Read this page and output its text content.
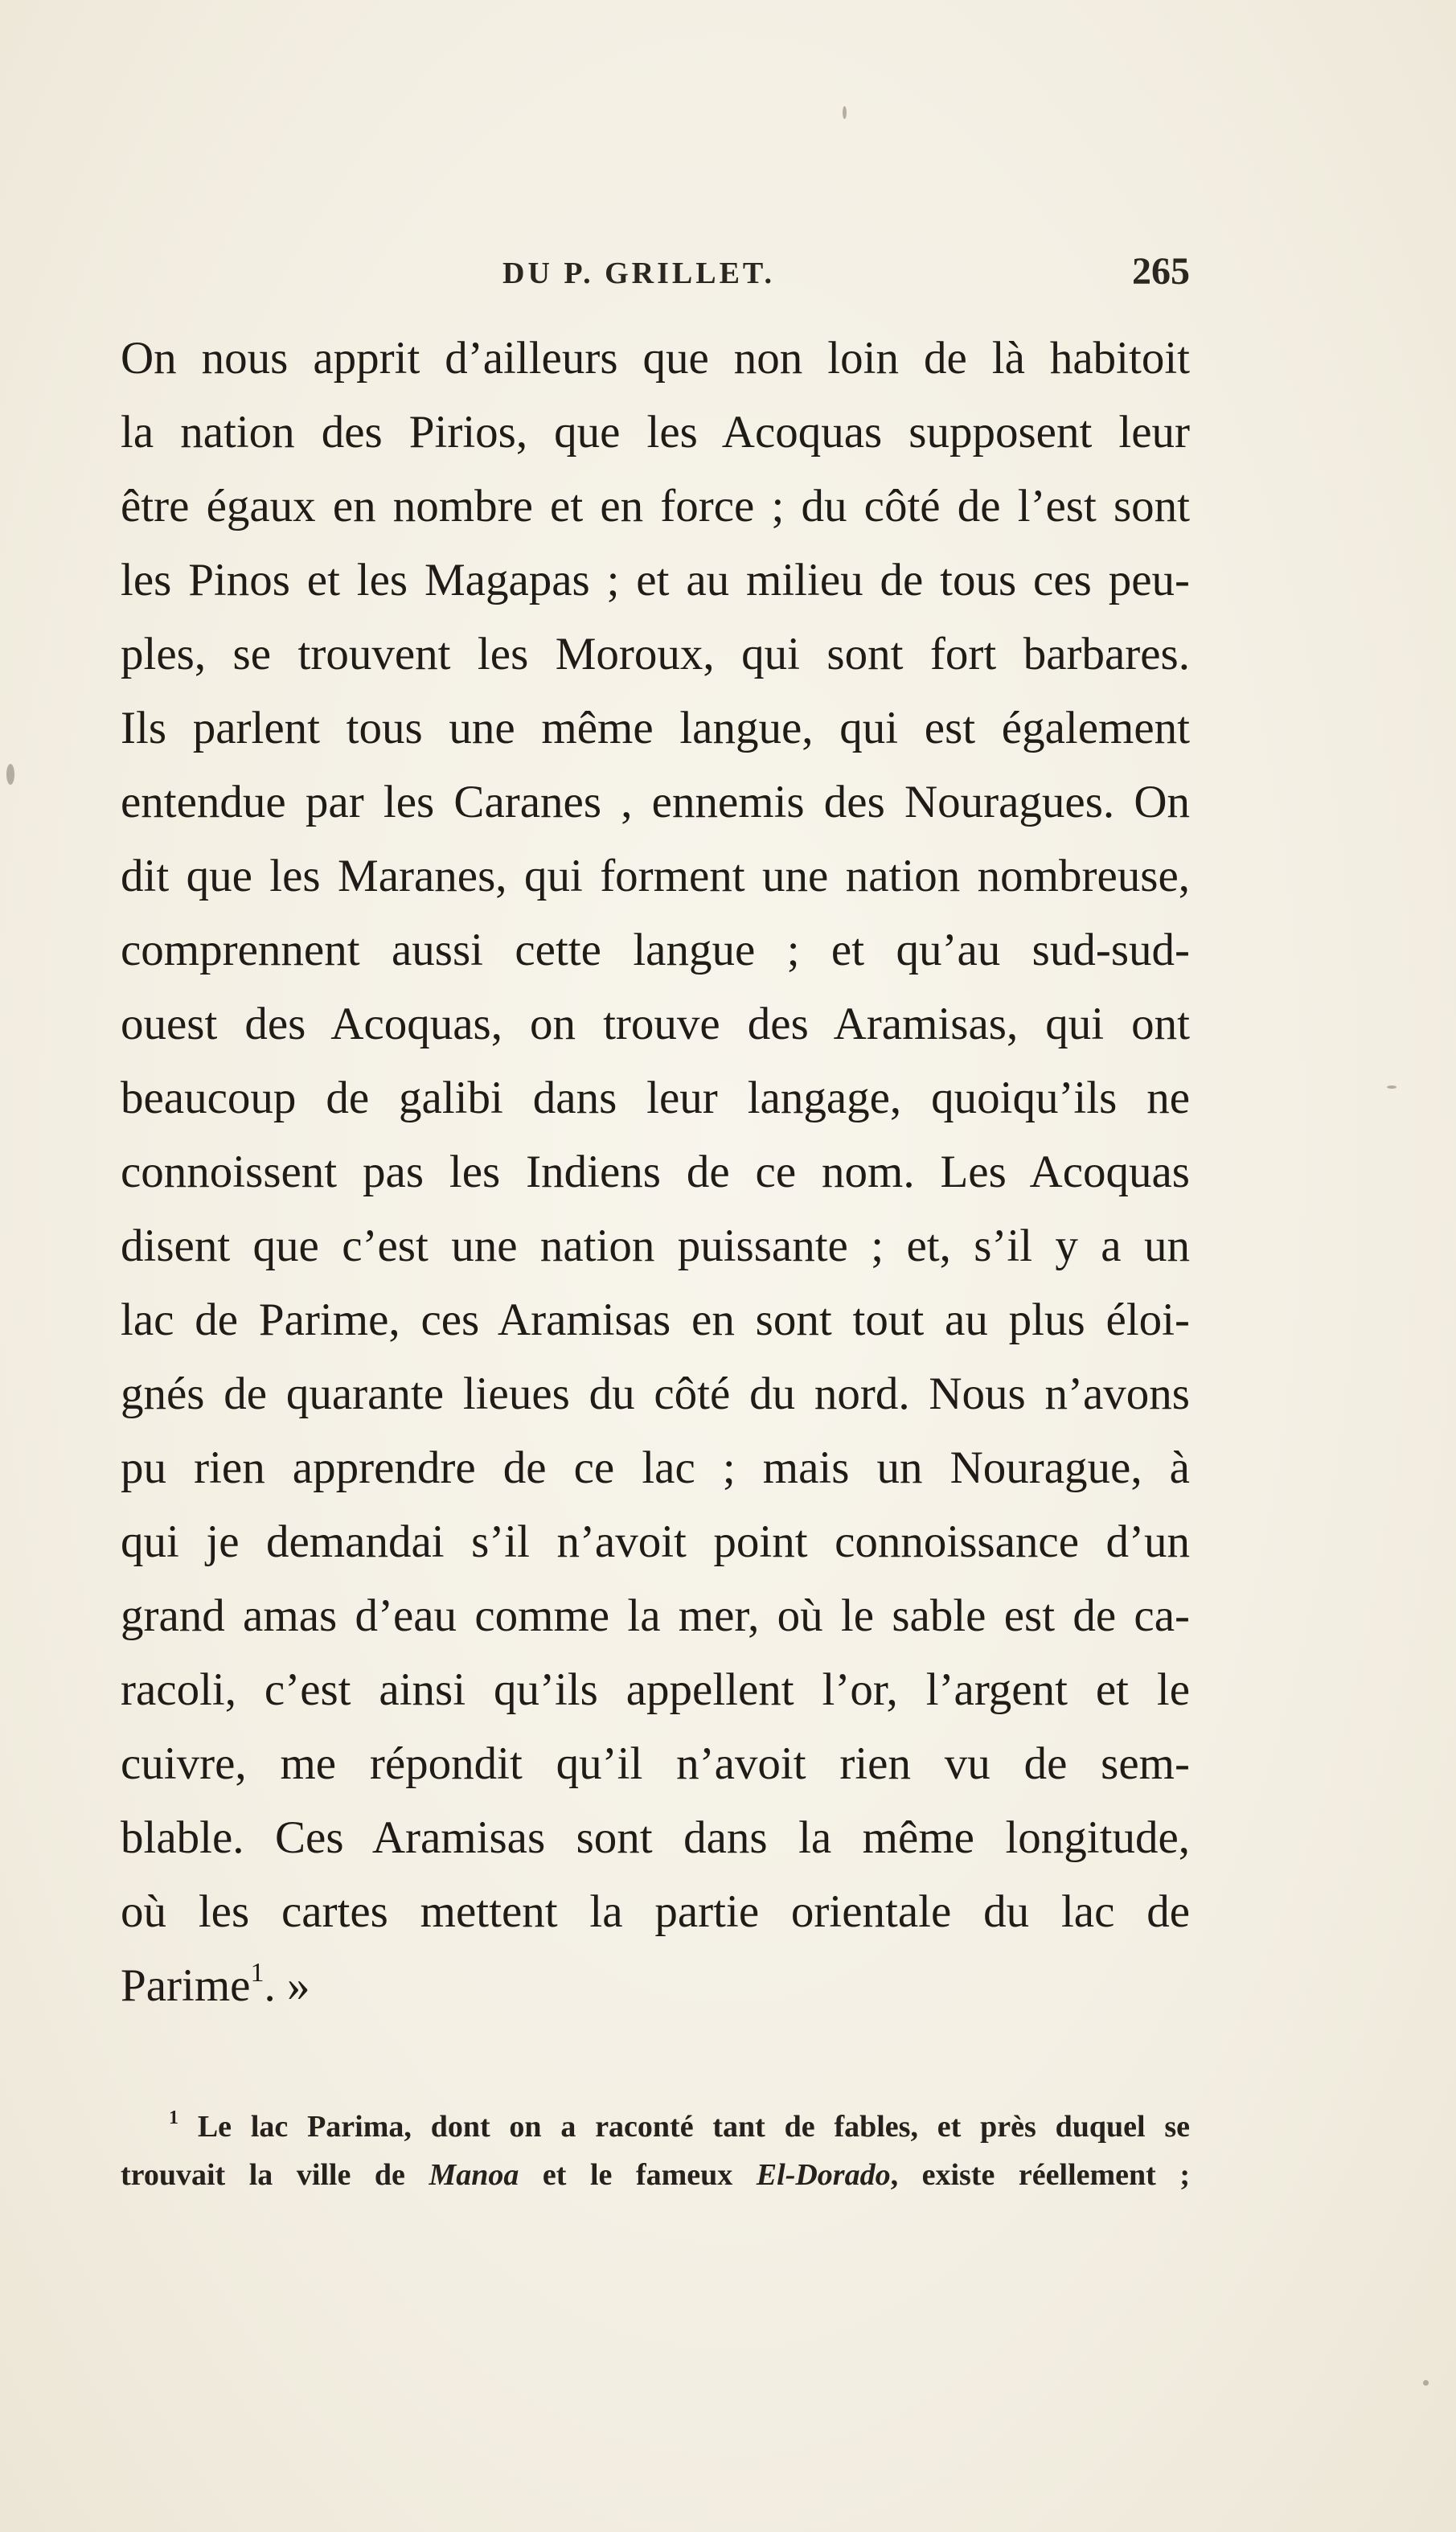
DU P. GRILLET.	265
On nous apprit d’ailleurs que non loin de là habitoit
la nation des Pirios, que les Acoquas supposent leur
être égaux en nombre et en force ; du côté de l’est sont
les Pinos et les Magapas ; et au milieu de tous ces peu-
ples, se trouvent les Moroux, qui sont fort barbares.
Ils parlent tous une même langue, qui est également
entendue par les Caranes , ennemis des Nouragues. On
dit que les Maranes, qui forment une nation nombreuse,
comprennent aussi cette langue ; et qu’au sud-sud-
ouest des Acoquas, on trouve des Aramisas, qui ont
beaucoup de galibi dans leur langage, quoiqu’ils ne
connoissent pas les Indiens de ce nom. Les Acoquas
disent que c’est une nation puissante ; et, s’il y a un
lac de Parime, ces Aramisas en sont tout au plus éloi-
gnés de quarante lieues du côté du nord. Nous n’avons
pu rien apprendre de ce lac ; mais un Nourague, à
qui je demandai s’il n’avoit point connoissance d’un
grand amas d’eau comme la mer, où le sable est de ca-
racoli, c’est ainsi qu’ils appellent l’or, l’argent et le
cuivre, me répondit qu’il n’avoit rien vu de sem-
blable. Ces Aramisas sont dans la même longitude,
où les cartes mettent la partie orientale du lac de
Parime$^1$. »
$^1$ Le lac Parima, dont on a raconté tant de fables, et près duquel se
trouvait la ville de Manoa et le fameux El-Dorado, existe réellement ;
